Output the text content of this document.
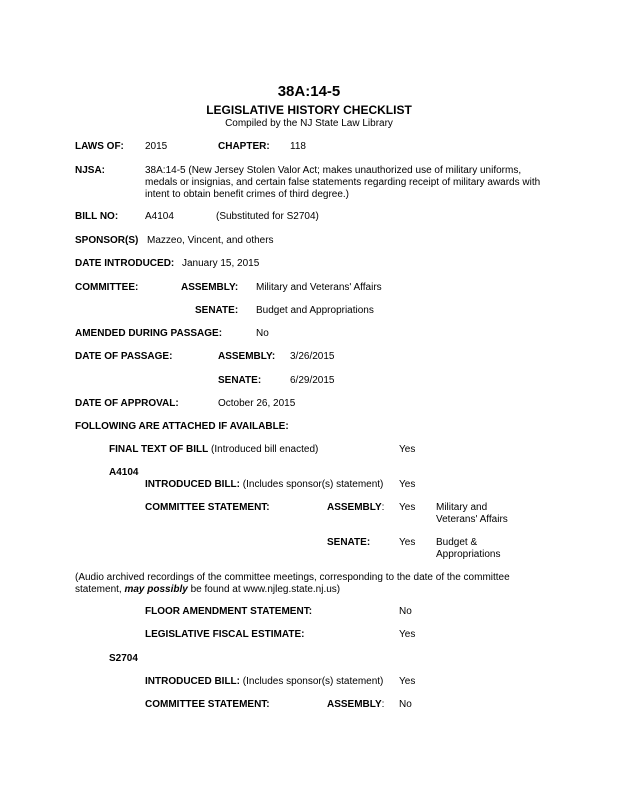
38A:14-5
LEGISLATIVE HISTORY CHECKLIST
Compiled by the NJ State Law Library
LAWS OF: 2015	CHAPTER: 118
NJSA:	38A:14-5 (New Jersey Stolen Valor Act; makes unauthorized use of military uniforms, medals or insignias, and certain false statements regarding receipt of military awards with intent to obtain benefit crimes of third degree.)
BILL NO:	A4104	(Substituted for S2704)
SPONSOR(S) Mazzeo, Vincent, and others
DATE INTRODUCED: January 15, 2015
COMMITTEE:	ASSEMBLY: Military and Veterans' Affairs
SENATE: Budget and Appropriations
AMENDED DURING PASSAGE:	No
DATE OF PASSAGE:	ASSEMBLY: 3/26/2015
SENATE:	6/29/2015
DATE OF APPROVAL:	October 26, 2015
FOLLOWING ARE ATTACHED IF AVAILABLE:
FINAL TEXT OF BILL (Introduced bill enacted)	Yes
A4104
INTRODUCED BILL: (Includes sponsor(s) statement) Yes
COMMITTEE STATEMENT:	ASSEMBLY: Yes Military and Veterans' Affairs
SENATE:	Yes Budget & Appropriations
(Audio archived recordings of the committee meetings, corresponding to the date of the committee statement, may possibly be found at www.njleg.state.nj.us)
FLOOR AMENDMENT STATEMENT:	No
LEGISLATIVE FISCAL ESTIMATE:	Yes
S2704
INTRODUCED BILL: (Includes sponsor(s) statement) Yes
COMMITTEE STATEMENT:	ASSEMBLY: No
